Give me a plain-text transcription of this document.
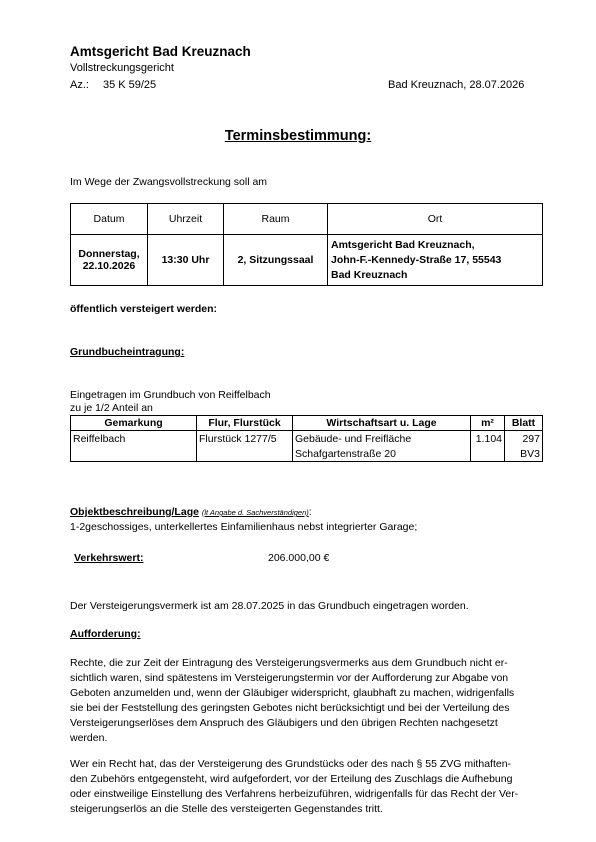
Amtsgericht Bad Kreuznach
Vollstreckungsgericht
Az.: 35 K 59/25	Bad Kreuznach, 28.07.2026
Terminsbestimmung:
Im Wege der Zwangsvollstreckung soll am
Datum	Uhrzeit	Raum	Ort
Donnerstag,
22.10.2026	13:30 Uhr	2, Sitzungssaal	Amtsgericht Bad Kreuznach,
John-F.-Kennedy-Straße 17, 55543
Bad Kreuznach
öffentlich versteigert werden:
Grundbucheintragung:
Eingetragen im Grundbuch von Reiffelbach
zu je 1/2 Anteil an
Gemarkung	Flur, Flurstück	Wirtschaftsart u. Lage	m²	Blatt
Reiffelbach	Flurstück 1277/5	Gebäude- und Freifläche	1.104	297
		Schafgartenstraße 20		BV3
Objektbeschreibung/Lage (lt Angabe d. Sachverständigen):
1-2geschossiges, unterkellertes Einfamilienhaus nebst integrierter Garage;
Verkehrswert:	206.000,00 €
Der Versteigerungsvermerk ist am 28.07.2025 in das Grundbuch eingetragen worden.
Aufforderung:
Rechte, die zur Zeit der Eintragung des Versteigerungsvermerks aus dem Grundbuch nicht er-
sichtlich waren, sind spätestens im Versteigerungstermin vor der Aufforderung zur Abgabe von
Geboten anzumelden und, wenn der Gläubiger widerspricht, glaubhaft zu machen, widrigenfalls
sie bei der Feststellung des geringsten Gebotes nicht berücksichtigt und bei der Verteilung des
Versteigerungserlöses dem Anspruch des Gläubigers und den übrigen Rechten nachgesetzt
werden.
Wer ein Recht hat, das der Versteigerung des Grundstücks oder des nach § 55 ZVG mithaften-
den Zubehörs entgegensteht, wird aufgefordert, vor der Erteilung des Zuschlags die Aufhebung
oder einstweilige Einstellung des Verfahrens herbeizuführen, widrigenfalls für das Recht der Ver-
steigerungserlös an die Stelle des versteigerten Gegenstandes tritt.
